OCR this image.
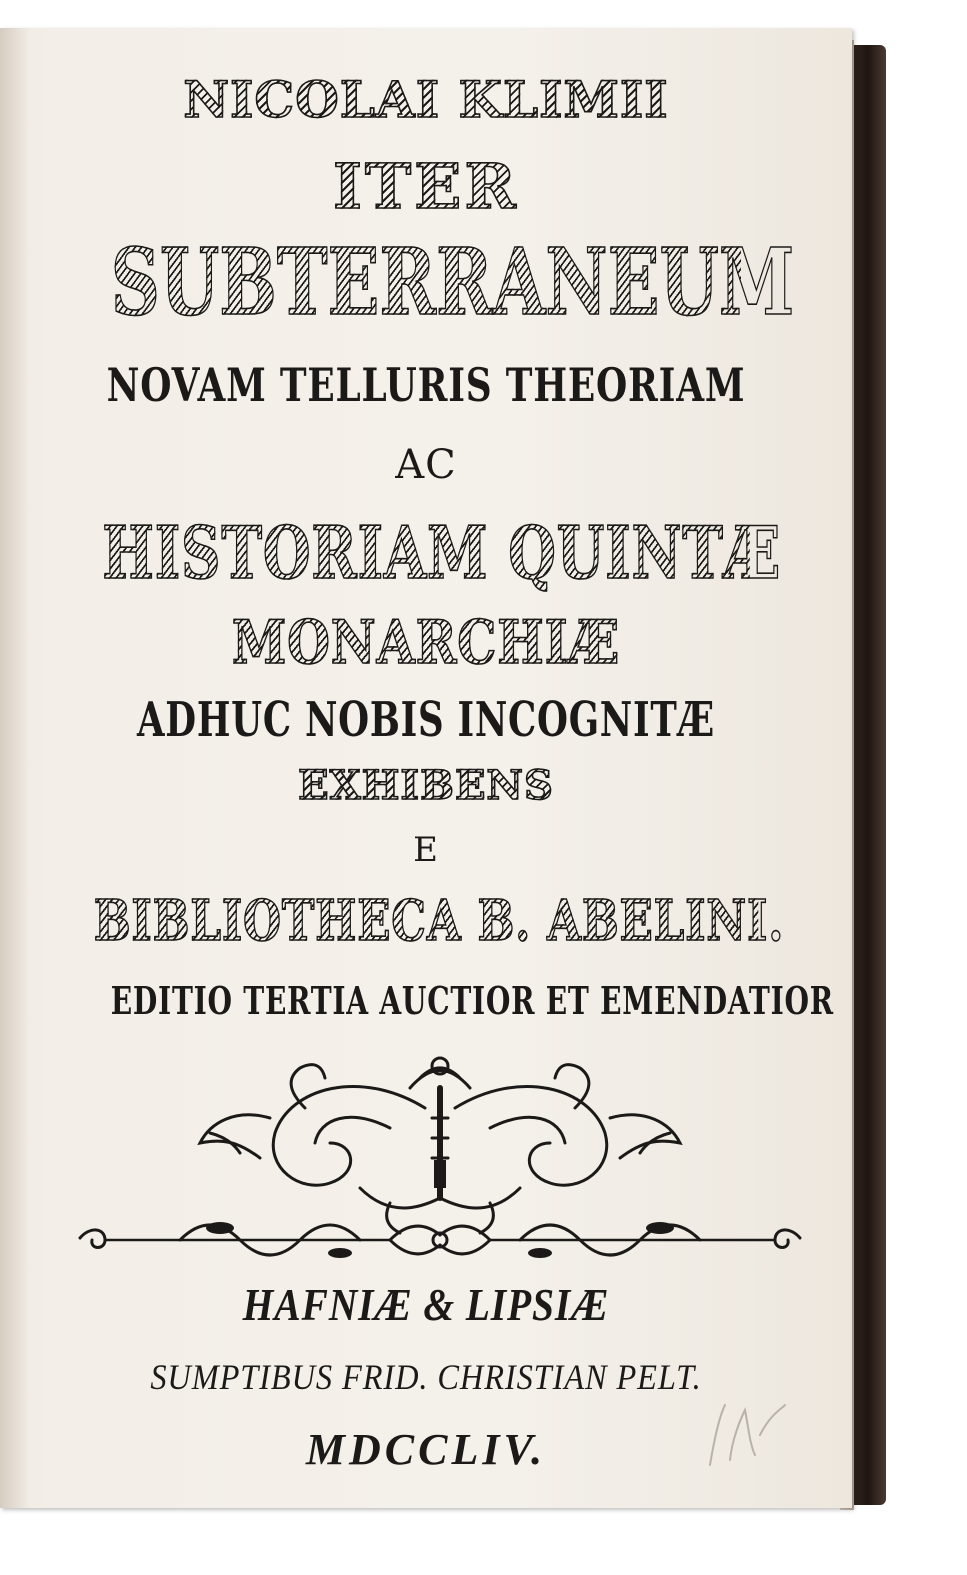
NICOLAI KLIMII
ITER
SUBTERRANEUM
NOVAM TELLURIS THEORIAM
AC
HISTORIAM QUINTÆ
MONARCHIÆ
ADHUC NOBIS INCOGNITÆ
EXHIBENS
E
BIBLIOTHECA B. ABELINI.
EDITIO TERTIA AUCTIOR ET EMENDATIOR
HAFNIÆ & LIPSIÆ
SUMPTIBUS FRID. CHRISTIAN PELT.
MDCCLIV.
